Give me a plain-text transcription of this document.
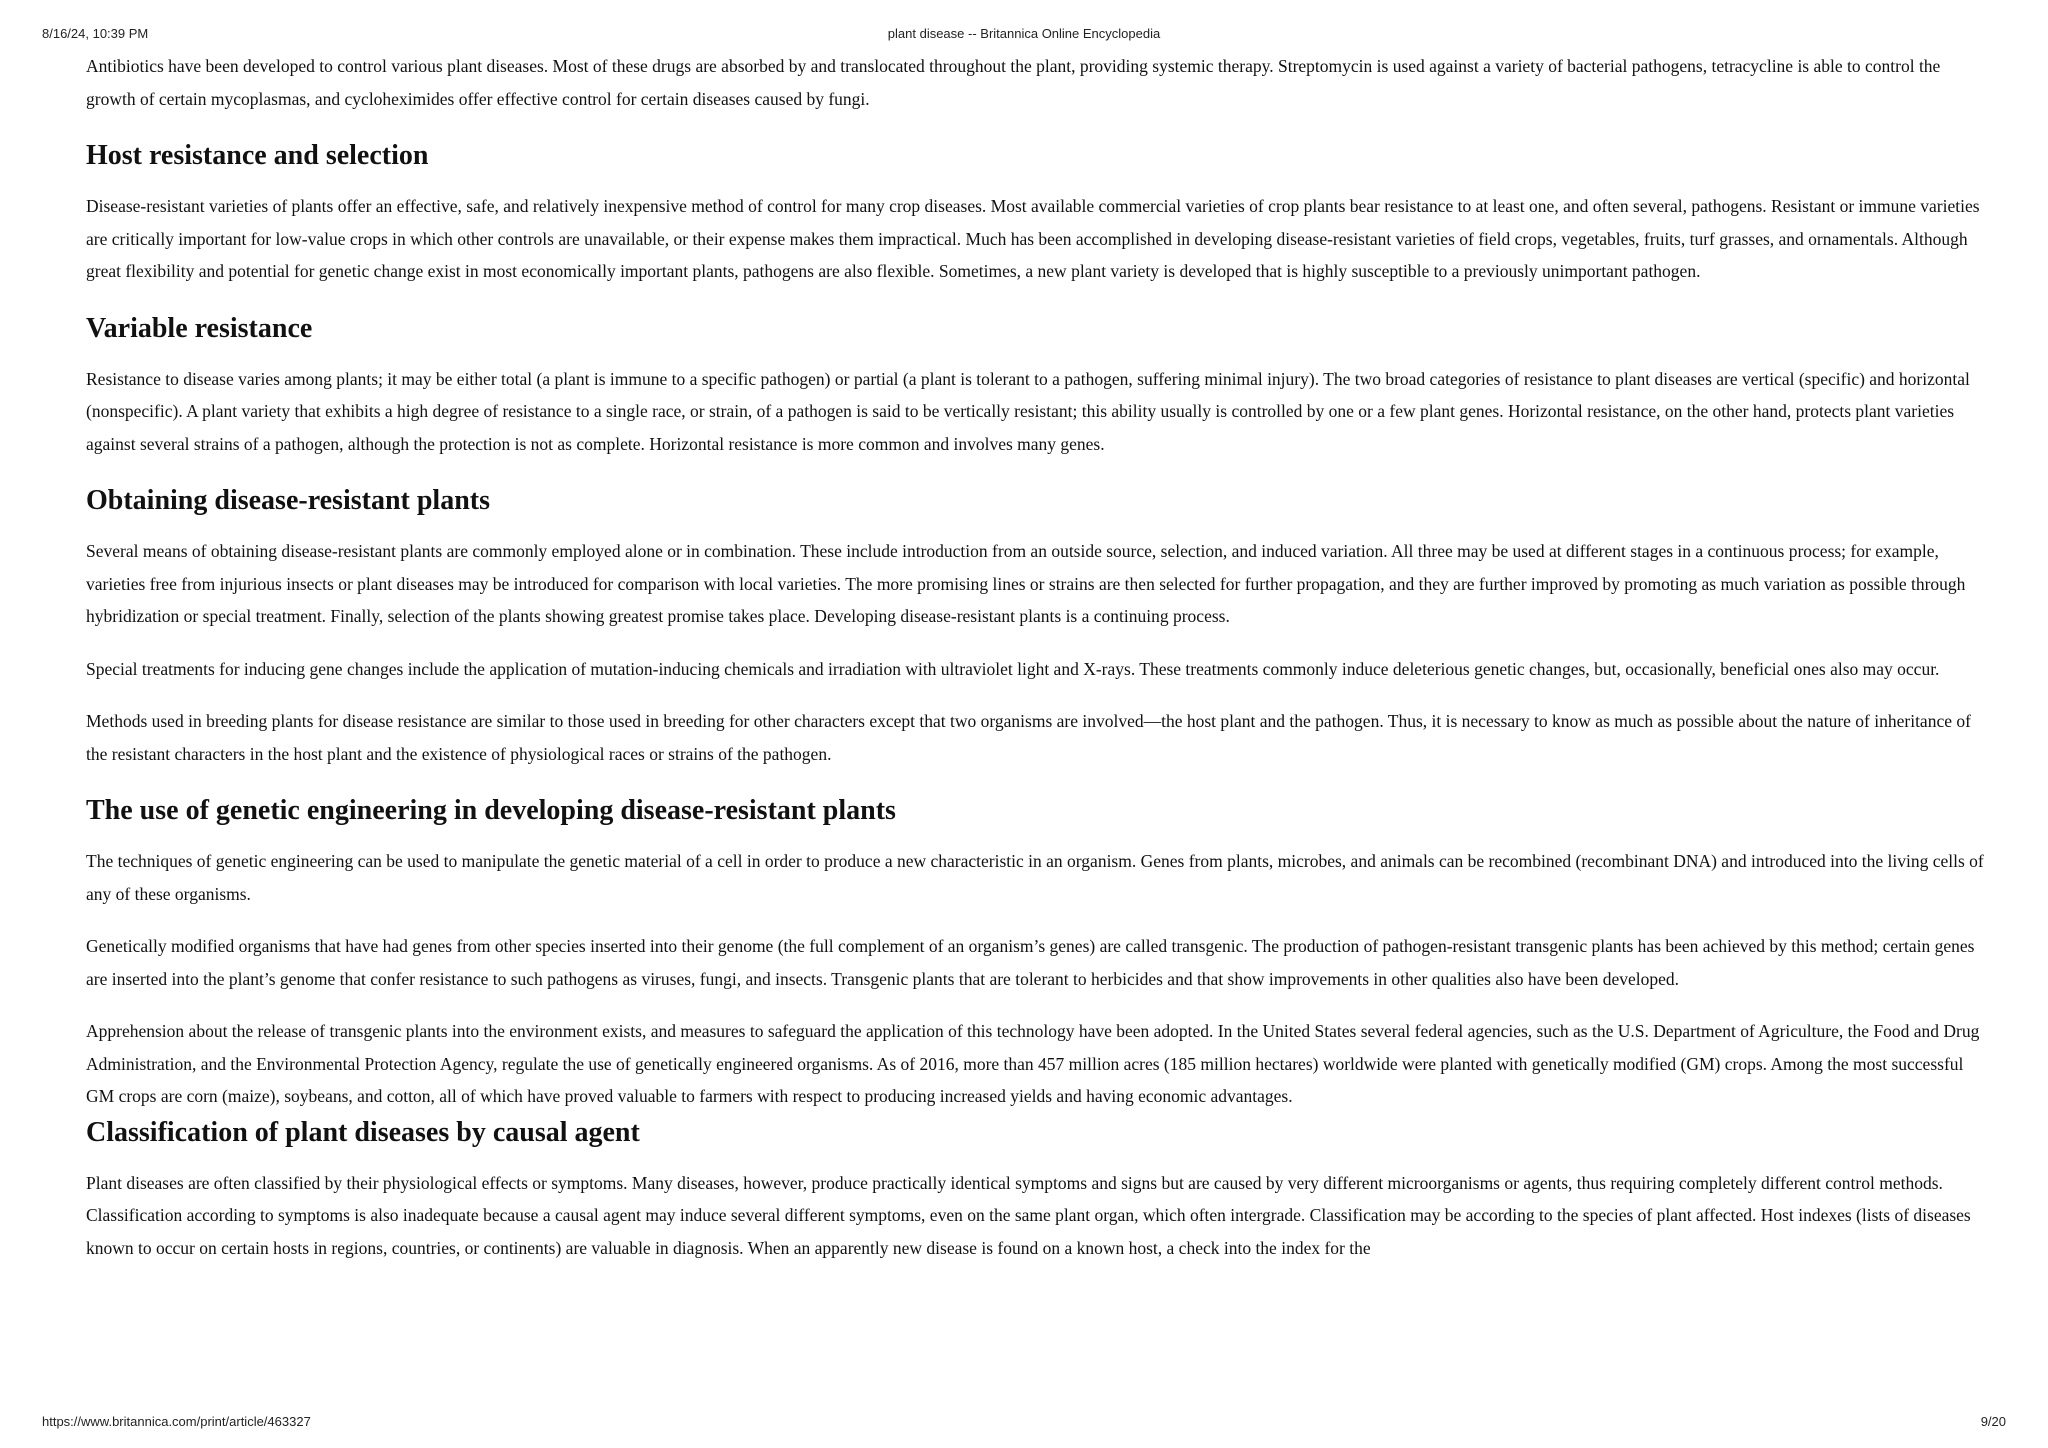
8/16/24, 10:39 PM	plant disease -- Britannica Online Encyclopedia

Antibiotics have been developed to control various plant diseases. Most of these drugs are absorbed by and translocated throughout the plant, providing systemic therapy. Streptomycin is used against a variety of bacterial pathogens, tetracycline is able to control the growth of certain mycoplasmas, and cycloheximides offer effective control for certain diseases caused by fungi.

Host resistance and selection

Disease-resistant varieties of plants offer an effective, safe, and relatively inexpensive method of control for many crop diseases. Most available commercial varieties of crop plants bear resistance to at least one, and often several, pathogens. Resistant or immune varieties are critically important for low-value crops in which other controls are unavailable, or their expense makes them impractical. Much has been accomplished in developing disease-resistant varieties of field crops, vegetables, fruits, turf grasses, and ornamentals. Although great flexibility and potential for genetic change exist in most economically important plants, pathogens are also flexible. Sometimes, a new plant variety is developed that is highly susceptible to a previously unimportant pathogen.

Variable resistance

Resistance to disease varies among plants; it may be either total (a plant is immune to a specific pathogen) or partial (a plant is tolerant to a pathogen, suffering minimal injury). The two broad categories of resistance to plant diseases are vertical (specific) and horizontal (nonspecific). A plant variety that exhibits a high degree of resistance to a single race, or strain, of a pathogen is said to be vertically resistant; this ability usually is controlled by one or a few plant genes. Horizontal resistance, on the other hand, protects plant varieties against several strains of a pathogen, although the protection is not as complete. Horizontal resistance is more common and involves many genes.

Obtaining disease-resistant plants

Several means of obtaining disease-resistant plants are commonly employed alone or in combination. These include introduction from an outside source, selection, and induced variation. All three may be used at different stages in a continuous process; for example, varieties free from injurious insects or plant diseases may be introduced for comparison with local varieties. The more promising lines or strains are then selected for further propagation, and they are further improved by promoting as much variation as possible through hybridization or special treatment. Finally, selection of the plants showing greatest promise takes place. Developing disease-resistant plants is a continuing process.

Special treatments for inducing gene changes include the application of mutation-inducing chemicals and irradiation with ultraviolet light and X-rays. These treatments commonly induce deleterious genetic changes, but, occasionally, beneficial ones also may occur.

Methods used in breeding plants for disease resistance are similar to those used in breeding for other characters except that two organisms are involved—the host plant and the pathogen. Thus, it is necessary to know as much as possible about the nature of inheritance of the resistant characters in the host plant and the existence of physiological races or strains of the pathogen.

The use of genetic engineering in developing disease-resistant plants

The techniques of genetic engineering can be used to manipulate the genetic material of a cell in order to produce a new characteristic in an organism. Genes from plants, microbes, and animals can be recombined (recombinant DNA) and introduced into the living cells of any of these organisms.

Genetically modified organisms that have had genes from other species inserted into their genome (the full complement of an organism’s genes) are called transgenic. The production of pathogen-resistant transgenic plants has been achieved by this method; certain genes are inserted into the plant’s genome that confer resistance to such pathogens as viruses, fungi, and insects. Transgenic plants that are tolerant to herbicides and that show improvements in other qualities also have been developed.

Apprehension about the release of transgenic plants into the environment exists, and measures to safeguard the application of this technology have been adopted. In the United States several federal agencies, such as the U.S. Department of Agriculture, the Food and Drug Administration, and the Environmental Protection Agency, regulate the use of genetically engineered organisms. As of 2016, more than 457 million acres (185 million hectares) worldwide were planted with genetically modified (GM) crops. Among the most successful GM crops are corn (maize), soybeans, and cotton, all of which have proved valuable to farmers with respect to producing increased yields and having economic advantages.

Classification of plant diseases by causal agent

Plant diseases are often classified by their physiological effects or symptoms. Many diseases, however, produce practically identical symptoms and signs but are caused by very different microorganisms or agents, thus requiring completely different control methods. Classification according to symptoms is also inadequate because a causal agent may induce several different symptoms, even on the same plant organ, which often intergrade. Classification may be according to the species of plant affected. Host indexes (lists of diseases known to occur on certain hosts in regions, countries, or continents) are valuable in diagnosis. When an apparently new disease is found on a known host, a check into the index for the

https://www.britannica.com/print/article/463327	9/20
